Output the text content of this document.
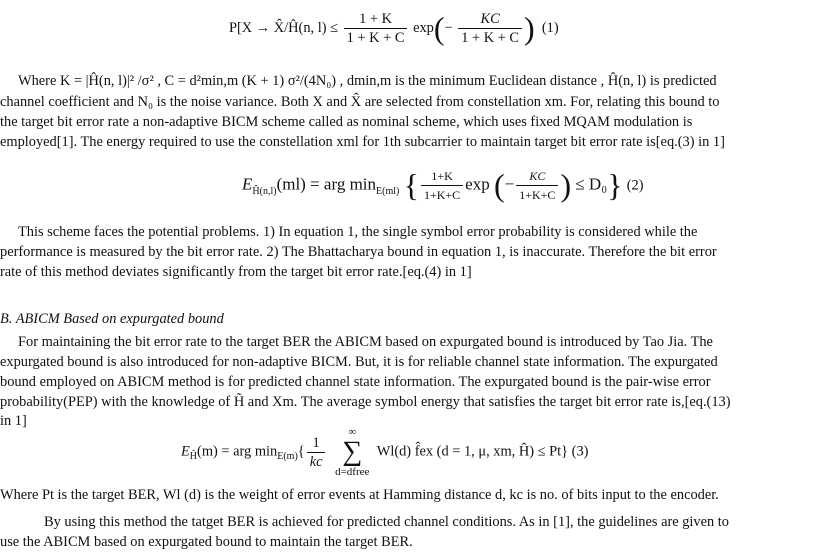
P[X → X̂/Ĥ(n, $l) \le \frac{1 + K}{1 + K + C} \exp(- \frac{KC}{1 + K + C}$ ) (1)
Where K = |Ĥ(n, l)|² /σ² , C = d²min,m (K + 1) σ²/(4N₀) , dmin,m is the minimum Euclidean distance , Ĥ(n, l) is predicted
channel coefficient and N₀ is the noise variance. Both X and X̂ are selected from constellation xm. For, relating this bound to
the target bit error rate a non-adaptive BICM scheme called as nominal scheme, which uses fixed MQAM modulation is
employed[1]. The energy required to use the constellation xml for 1th subcarrier to maintain target bit error rate is[eq.(3) in 1]
$E_{Ĥ(n,l)}(ml)$ = arg $\min_{E(ml)}$ { $\frac{1+K}{1+K+C}$ exp (− $\frac{KC}{1+K+C}$ ) ≤ D₀} (2)
This scheme faces the potential problems. 1) In equation 1, the single symbol error probability is considered while the
performance is measured by the bit error rate. 2) The Bhattacharya bound in equation 1, is inaccurate. Therefore the bit error
rate of this method deviates significantly from the target bit error rate.[eq.(4) in 1]
B. ABICM Based on expurgated bound
For maintaining the bit error rate to the target BER the ABICM based on expurgated bound is introduced by Tao Jia. The
expurgated bound is also introduced for non-adaptive BICM. But, it is for reliable channel state information. The expurgated
bound employed on ABICM method is for predicted channel state information. The expurgated bound is the pair-wise error
probability(PEP) with the knowledge of H̃ and Xm. The average symbol energy that satisfies the target bit error rate is,[eq.(13)
in 1]
$E_{H̃}(m)$ = arg $\min_{E(m)}\{ \frac{1}{kc}$

∞
∑
d=dfree
Wl(d) f̂ex (d = 1, μ, xm, Ĥ) ≤ Pt} (3)
Where Pt is the target BER, Wl (d) is the weight of error events at Hamming distance d, kc is no. of bits input to the encoder.
By using this method the tatget BER is achieved for predicted channel conditions. As in [1], the guidelines are given to
use the ABICM based on expurgated bound to maintain the target BER.
